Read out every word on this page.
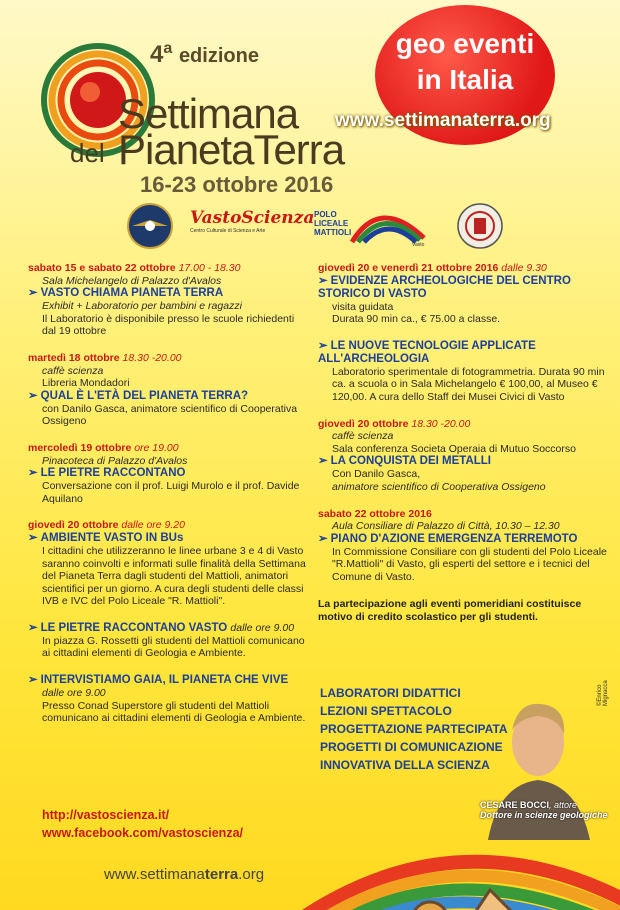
4$^a$ edizione
Settimana
del PianetaTerra
16-23 ottobre 2016
geo eventi
in Italia
www.settimanaterra.org
VastoScienza
Centro Culturale di Scienza e Arte
POLO
LICEALE
MATTIOLI
Vasto
sabato 15 e sabato 22 ottobre 17.00 - 18.30
Sala Michelangelo di Palazzo d'Avalos
➢ VASTO CHIAMA PIANETA TERRA
Exhibit + Laboratorio per bambini e ragazzi
Il Laboratorio è disponibile presso le scuole richiedenti dal 19 ottobre
martedì 18 ottobre 18.30 -20.00
caffè scienza
Libreria Mondadori
➢ QUAL È L'ETÀ DEL PIANETA TERRA?
con Danilo Gasca, animatore scientifico di Cooperativa Ossigeno
mercoledì 19 ottobre ore 19.00
Pinacoteca di Palazzo d'Avalos
➢ LE PIETRE RACCONTANO
Conversazione con il prof. Luigi Murolo e il prof. Davide Aquilano
giovedì 20 ottobre dalle ore 9.20
➢ AMBIENTE VASTO IN BUs
I cittadini che utilizzeranno le linee urbane 3 e 4 di Vasto saranno coinvolti e informati sulle finalità della Settimana del Pianeta Terra dagli studenti del Mattioli, animatori scientifici per un giorno. A cura degli studenti delle classi IVB e IVC del Polo Liceale "R. Mattioli".
➢ LE PIETRE RACCONTANO VASTO dalle ore 9.00
In piazza G. Rossetti gli studenti del Mattioli comunicano ai cittadini elementi di Geologia e Ambiente.
➢ INTERVISTIAMO GAIA, IL PIANETA CHE VIVE
dalle ore 9.00
Presso Conad Superstore gli studenti del Mattioli comunicano ai cittadini elementi di Geologia e Ambiente.
giovedì 20 e venerdì 21 ottobre 2016 dalle 9.30
➢ EVIDENZE ARCHEOLOGICHE DEL CENTRO STORICO DI VASTO
visita guidata
Durata 90 min ca., € 75.00 a classe.
➢ LE NUOVE TECNOLOGIE APPLICATE ALL'ARCHEOLOGIA
Laboratorio sperimentale di fotogrammetria. Durata 90 min ca. a scuola o in Sala Michelangelo € 100,00, al Museo € 120,00. A cura dello Staff dei Musei Civici di Vasto
giovedì 20 ottobre 18.30 -20.00
caffè scienza
Sala conferenza Societa Operaia di Mutuo Soccorso
➢ LA CONQUISTA DEI METALLI
Con Danilo Gasca,
animatore scientifico di Cooperativa Ossigeno
sabato 22 ottobre 2016
Aula Consiliare di Palazzo di Città, 10.30 – 12.30
➢ PIANO D'AZIONE EMERGENZA TERREMOTO
In Commissione Consiliare con gli studenti del Polo Liceale "R.Mattioli" di Vasto, gli esperti del settore e i tecnici del Comune di Vasto.
La partecipazione agli eventi pomeridiani costituisce motivo di credito scolastico per gli studenti.
LABORATORI DIDATTICI
LEZIONI SPETTACOLO
PROGETTAZIONE PARTECIPATA
PROGETTI DI COMUNICAZIONE
INNOVATIVA DELLA SCIENZA
CESARE BOCCI, attore
Dottore in scienze geologiche
©Enrico Mignacca
http://vastoscienza.it/
www.facebook.com/vastoscienza/
www.settimanaterra.org
